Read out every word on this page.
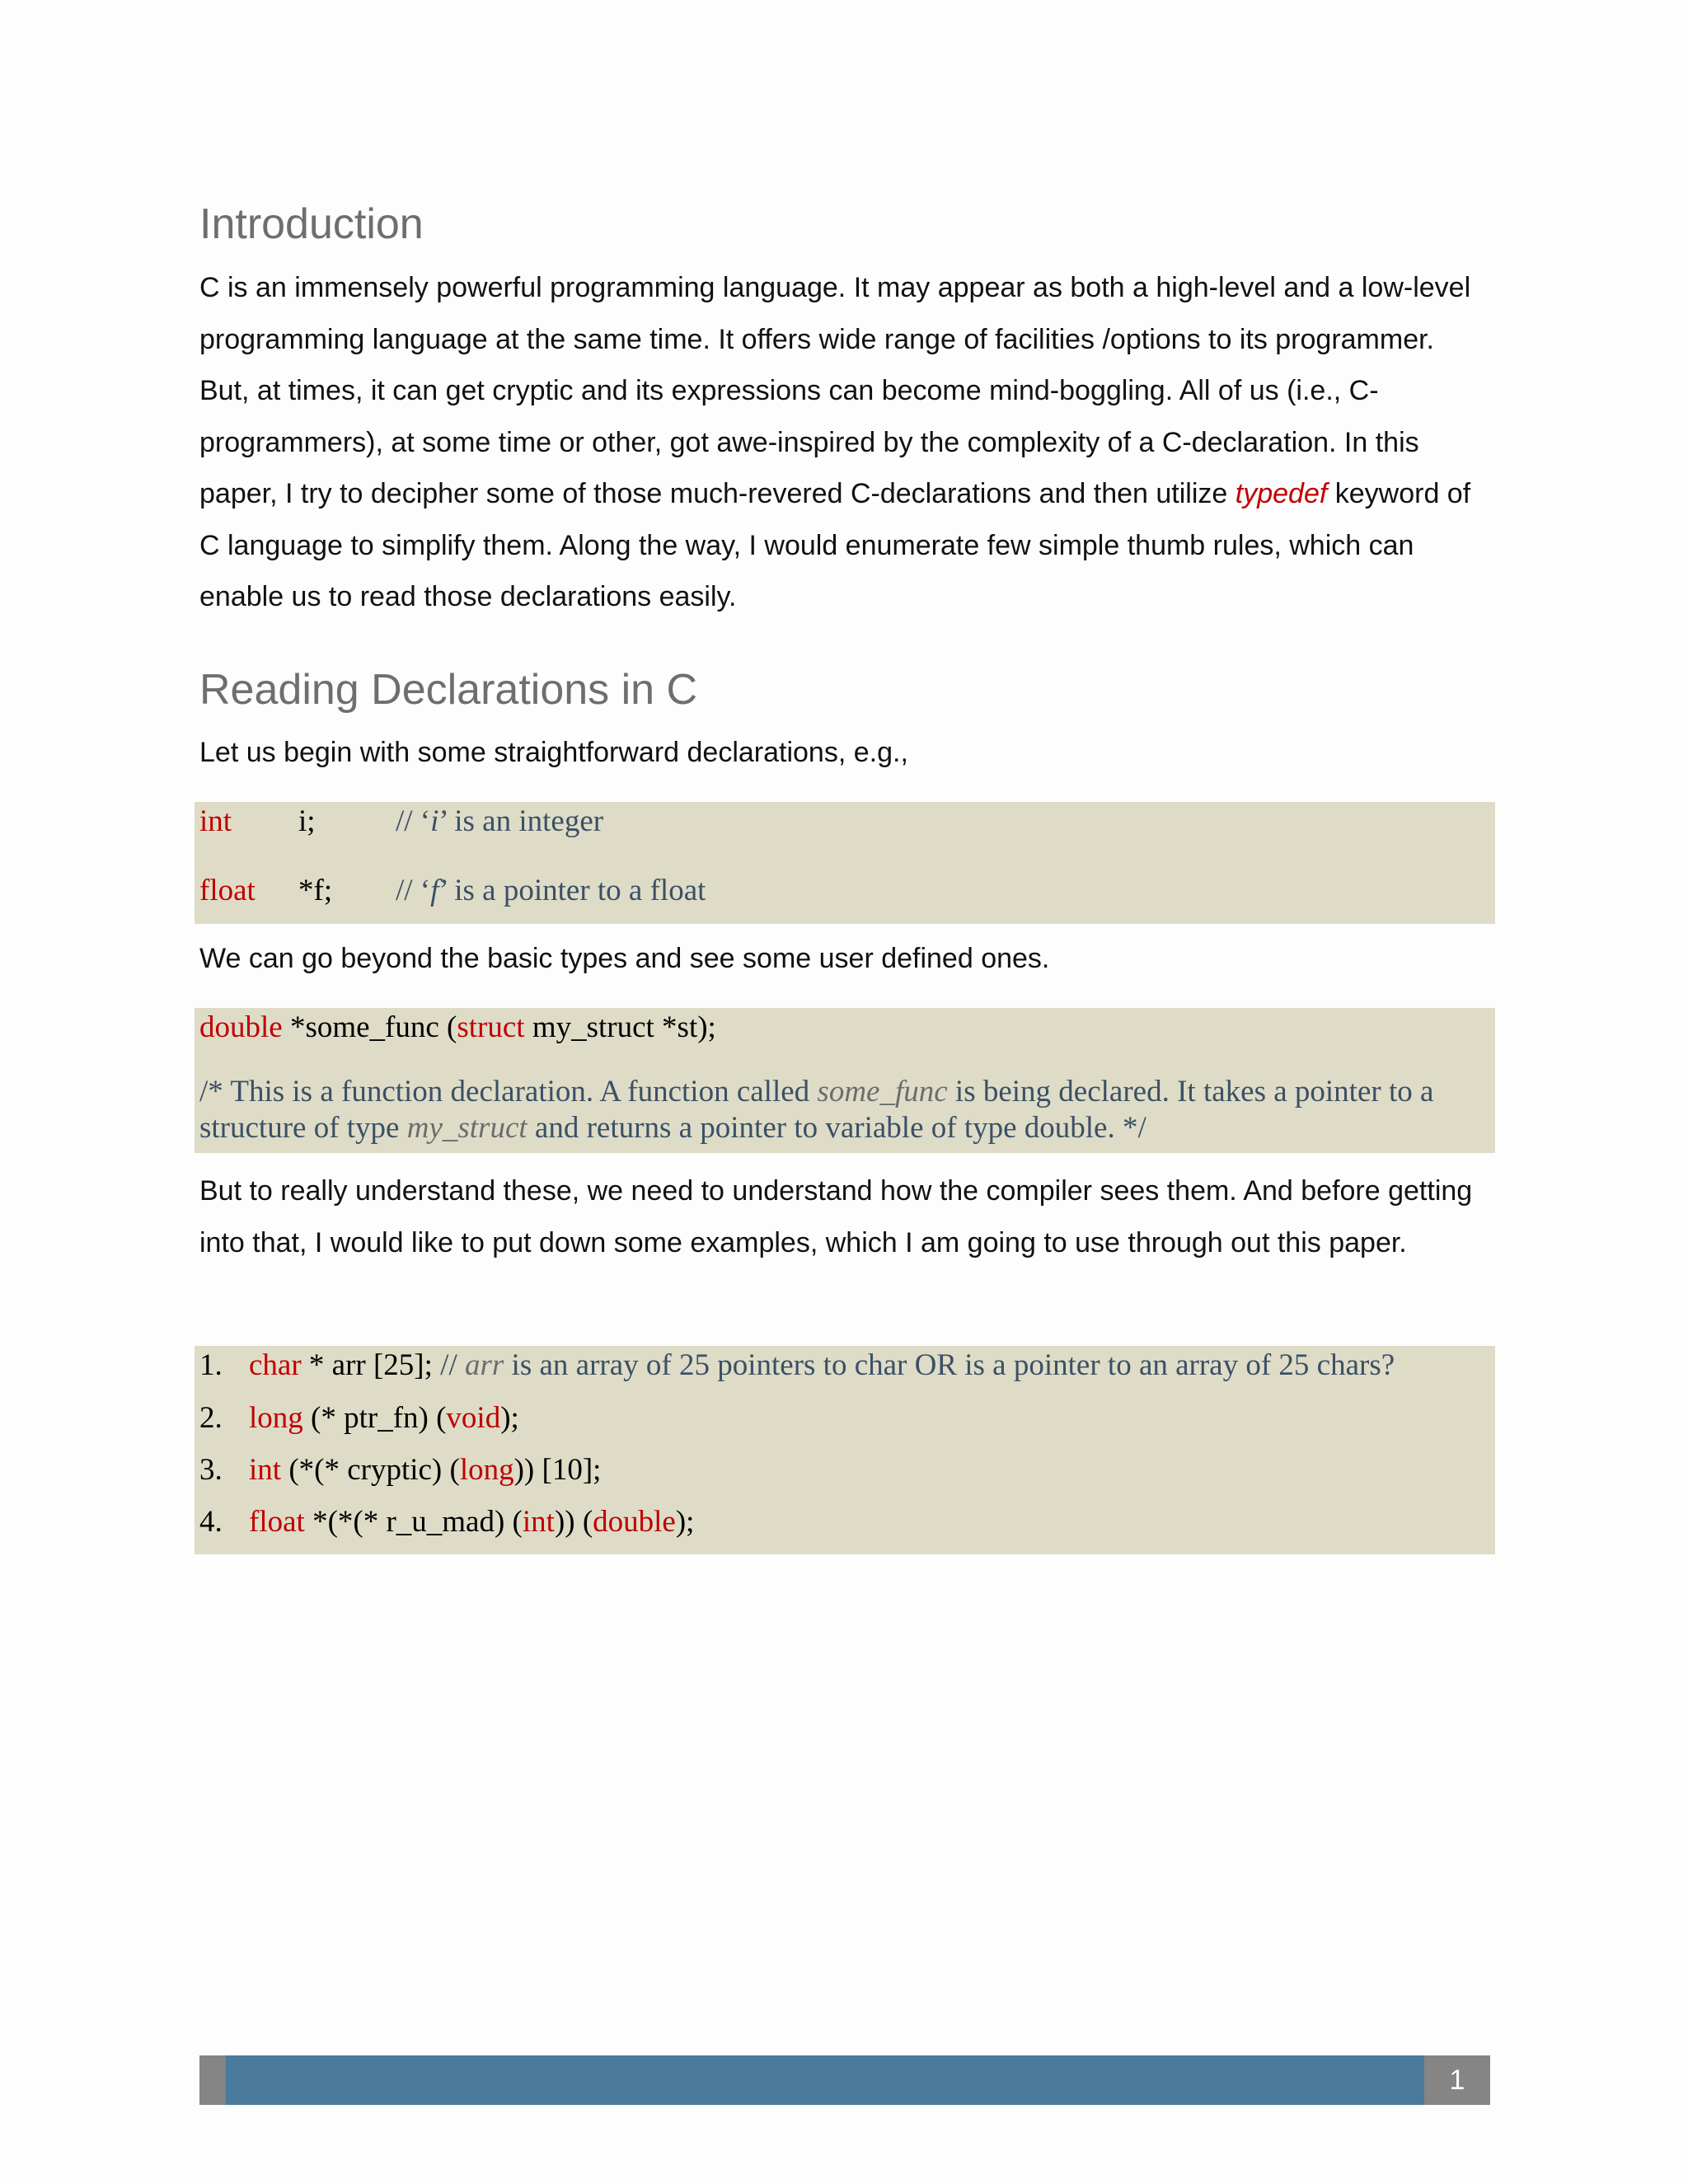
Introduction

C is an immensely powerful programming language. It may appear as both a high-level and a low-level programming language at the same time. It offers wide range of facilities /options to its programmer. But, at times, it can get cryptic and its expressions can become mind-boggling. All of us (i.e., C-programmers), at some time or other, got awe-inspired by the complexity of a C-declaration. In this paper, I try to decipher some of those much-revered C-declarations and then utilize typedef keyword of C language to simplify them. Along the way, I would enumerate few simple thumb rules, which can enable us to read those declarations easily.

Reading Declarations in C

Let us begin with some straightforward declarations, e.g.,

int i;	// ‘i’ is an integer
float *f; // ‘f’ is a pointer to a float

We can go beyond the basic types and see some user defined ones.

double *some_func (struct my_struct *st);
/* This is a function declaration. A function called some_func is being declared. It takes a pointer to a structure of type my_struct and returns a pointer to variable of type double. */

But to really understand these, we need to understand how the compiler sees them. And before getting into that, I would like to put down some examples, which I am going to use through out this paper.

1. char * arr [25]; // arr is an array of 25 pointers to char OR is a pointer to an array of 25 chars?
2. long (* ptr_fn) (void);
3. int (*(* cryptic) (long)) [10];
4. float *(*(* r_u_mad) (int)) (double);
1
